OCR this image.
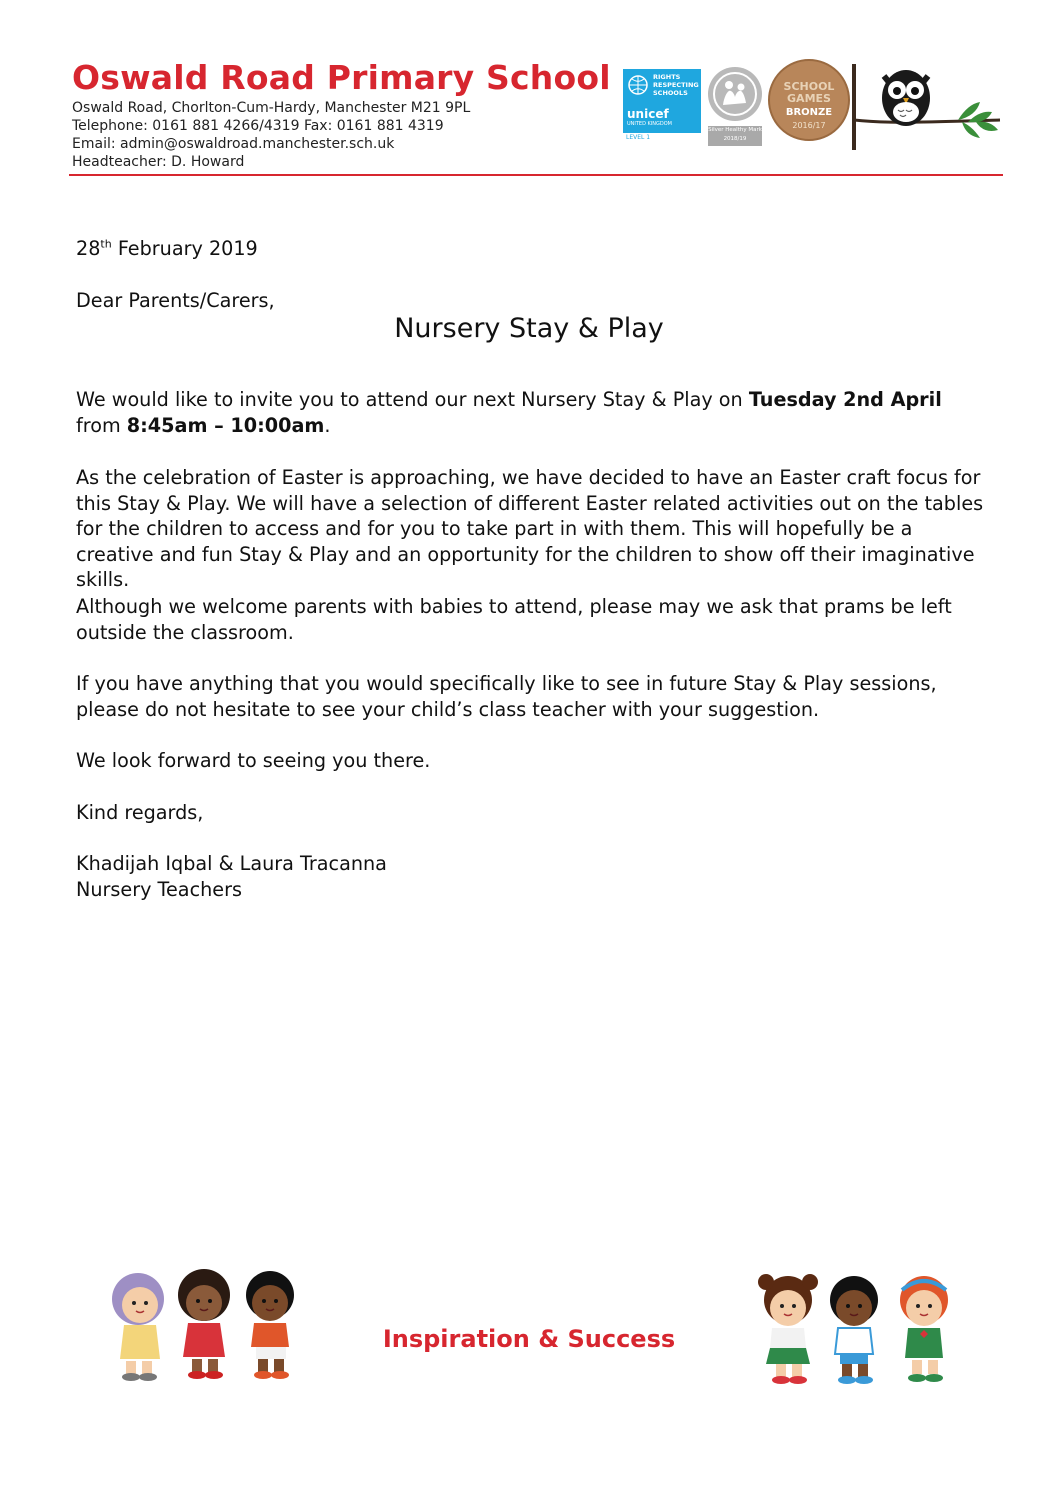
Oswald Road Primary School

Oswald Road, Chorlton-Cum-Hardy, Manchester M21 9PL

Telephone: 0161 881 4266/4319 Fax: 0161 881 4319

Email: admin@oswaldroad.manchester.sch.uk

Headteacher: D. Howard

RIGHTS RESPECTING SCHOOLS
unicef
UNITED KINGDOM
LEVEL 1
Silver Healthy Mark 2018/19
SCHOOL GAMES
BRONZE
2016/17

28th February 2019

Dear Parents/Carers,

Nursery Stay & Play

We would like to invite you to attend our next Nursery Stay & Play on Tuesday 2nd April from 8:45am – 10:00am.

As the celebration of Easter is approaching, we have decided to have an Easter craft focus for this Stay & Play. We will have a selection of different Easter related activities out on the tables for the children to access and for you to take part in with them. This will hopefully be a creative and fun Stay & Play and an opportunity for the children to show off their imaginative skills.

Although we welcome parents with babies to attend, please may we ask that prams be left outside the classroom.

If you have anything that you would specifically like to see in future Stay & Play sessions, please do not hesitate to see your child’s class teacher with your suggestion.

We look forward to seeing you there.

Kind regards,

Khadijah Iqbal & Laura Tracanna

Nursery Teachers

Inspiration & Success
